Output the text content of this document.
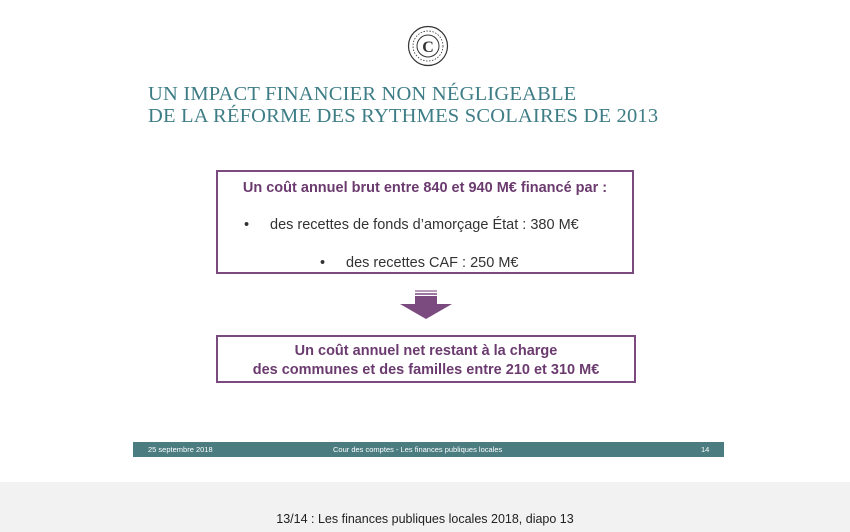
C
UN IMPACT FINANCIER NON NÉGLIGEABLE
DE LA RÉFORME DES RYTHMES SCOLAIRES DE 2013
Un coût annuel brut entre 840 et 940 M€ financé par :
• des recettes de fonds d’amorçage État : 380 M€
• des recettes CAF : 250 M€
Un coût annuel net restant à la charge
des communes et des familles entre 210 et 310 M€
25 septembre 2018	Cour des comptes - Les finances publiques locales	14
13/14 : Les finances publiques locales 2018, diapo 13
